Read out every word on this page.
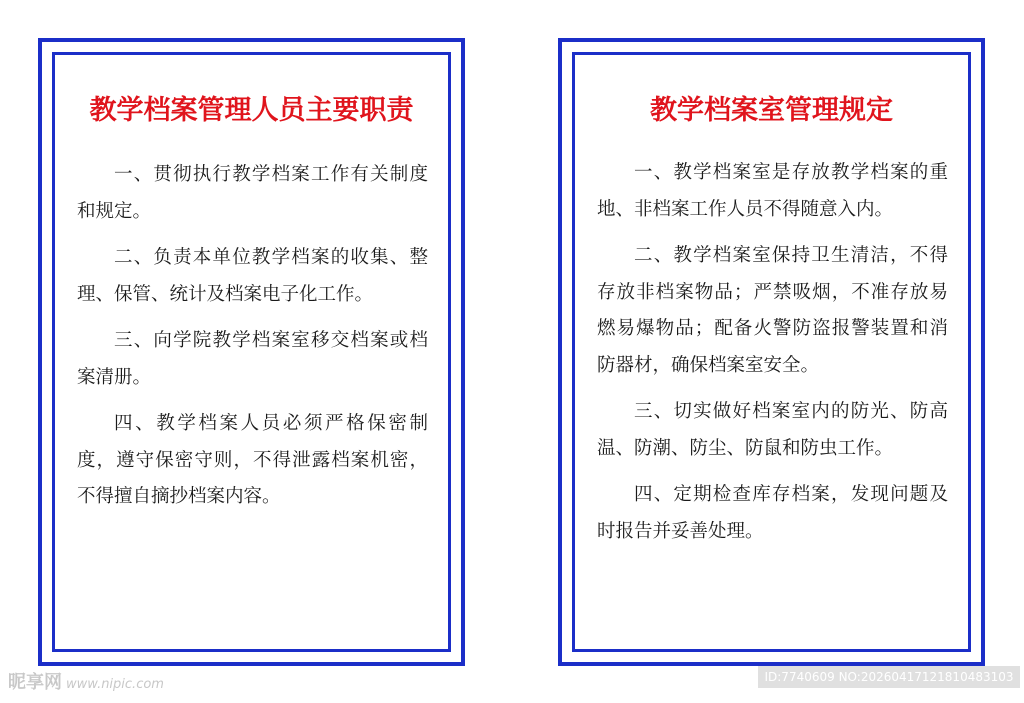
教学档案管理人员主要职责

一、贯彻执行教学档案工作有关制度和规定。

二、负责本单位教学档案的收集、整理、保管、统计及档案电子化工作。

三、向学院教学档案室移交档案或档案清册。

四、教学档案人员必须严格保密制度，遵守保密守则，不得泄露档案机密，不得擅自摘抄档案内容。

教学档案室管理规定

一、教学档案室是存放教学档案的重地、非档案工作人员不得随意入内。

二、教学档案室保持卫生清洁，不得存放非档案物品；严禁吸烟，不准存放易燃易爆物品；配备火警防盗报警装置和消防器材，确保档案室安全。

三、切实做好档案室内的防光、防高温、防潮、防尘、防鼠和防虫工作。

四、定期检查库存档案，发现问题及时报告并妥善处理。

昵享网 www.nipic.com	ID:7740609 NO:20260417121810483103
